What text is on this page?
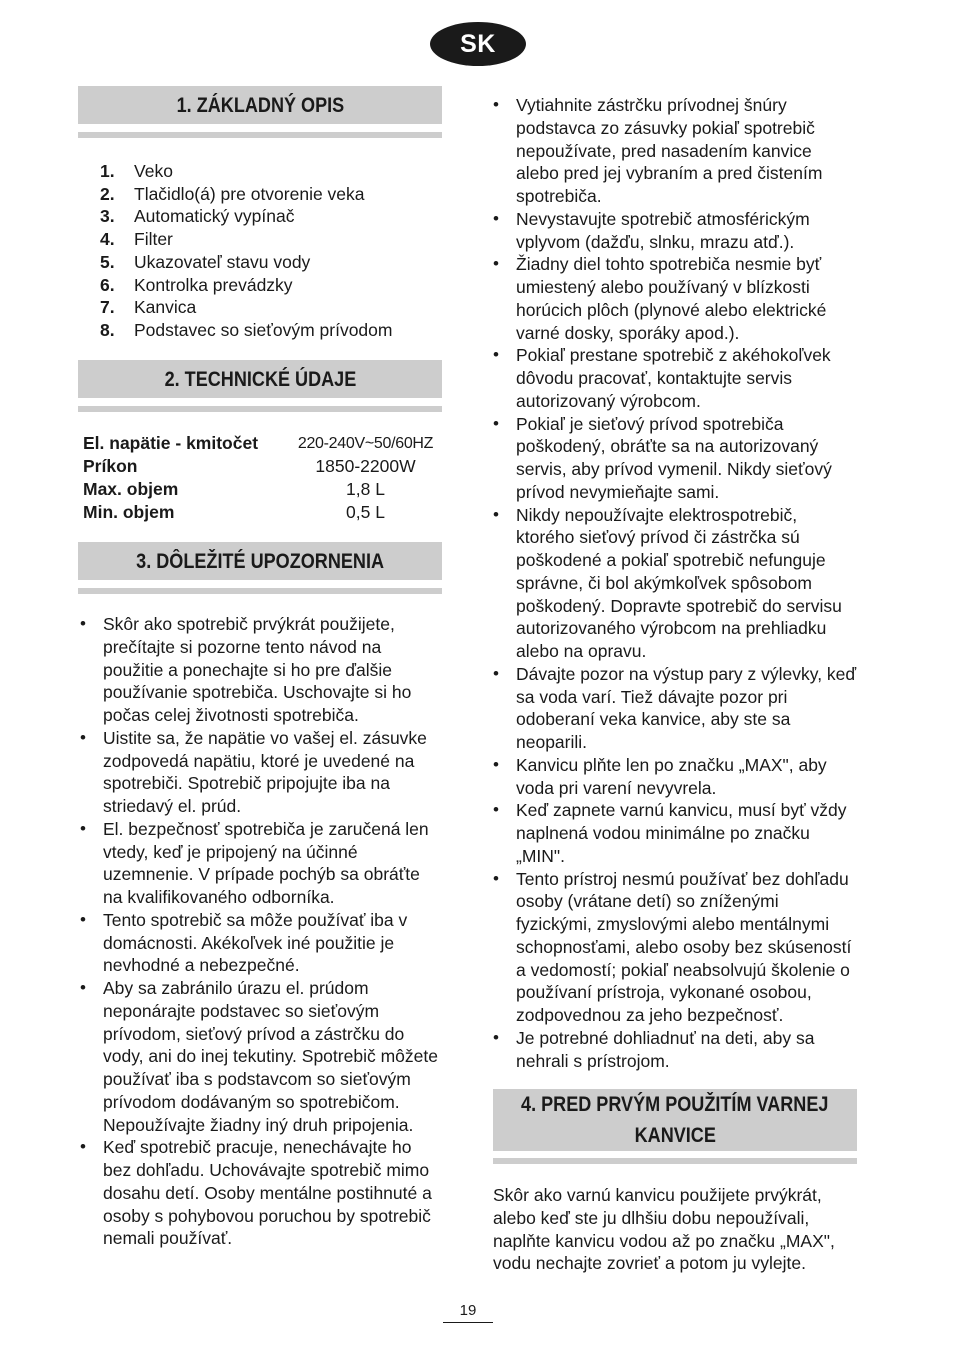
SK
1. ZÁKLADNÝ OPIS
1.	Veko
2.	Tlačidlo(á) pre otvorenie veka
3.	Automatický vypínač
4.	Filter
5.	Ukazovateľ stavu vody
6.	Kontrolka prevádzky
7.	Kanvica
8.	Podstavec so sieťovým prívodom
2. TECHNICKÉ ÚDAJE
El. napätie - kmitočet	220-240V~50/60HZ
Príkon	1850-2200W
Max. objem	1,8 L
Min. objem	0,5 L
3. DÔLEŽITÉ UPOZORNENIA
• Skôr ako spotrebič prvýkrát použijete, prečítajte si pozorne tento návod na použitie a ponechajte si ho pre ďalšie používanie spotrebiča. Uschovajte si ho počas celej životnosti spotrebiča.
• Uistite sa, že napätie vo vašej el. zásuvke zodpovedá napätiu, ktoré je uvedené na spotrebiči. Spotrebič pripojujte iba na striedavý el. prúd.
• El. bezpečnosť spotrebiča je zaručená len vtedy, keď je pripojený na účinné uzemnenie. V prípade pochýb sa obráťte na kvalifikovaného odborníka.
• Tento spotrebič sa môže používať iba v domácnosti. Akékoľvek iné použitie je nevhodné a nebezpečné.
• Aby sa zabránilo úrazu el. prúdom neponárajte podstavec so sieťovým prívodom, sieťový prívod a zástrčku do vody, ani do inej tekutiny. Spotrebič môžete používať iba s podstavcom so sieťovým prívodom dodávaným so spotrebičom. Nepoužívajte žiadny iný druh pripojenia.
• Keď spotrebič pracuje, nenechávajte ho bez dohľadu. Uchovávajte spotrebič mimo dosahu detí. Osoby mentálne postihnuté a osoby s pohybovou poruchou by spotrebič nemali používať.
• Vytiahnite zástrčku prívodnej šnúry podstavca zo zásuvky pokiaľ spotrebič nepoužívate, pred nasadením kanvice alebo pred jej vybraním a pred čistením spotrebiča.
• Nevystavujte spotrebič atmosférickým vplyvom (dažďu, slnku, mrazu atď.).
• Žiadny diel tohto spotrebiča nesmie byť umiestený alebo používaný v blízkosti horúcich plôch (plynové alebo elektrické varné dosky, sporáky apod.).
• Pokiaľ prestane spotrebič z akéhokoľvek dôvodu pracovať, kontaktujte servis autorizovaný výrobcom.
• Pokiaľ je sieťový prívod spotrebiča poškodený, obráťte sa na autorizovaný servis, aby prívod vymenil. Nikdy sieťový prívod nevymieňajte sami.
• Nikdy nepoužívajte elektrospotrebič, ktorého sieťový prívod či zástrčka sú poškodené a pokiaľ spotrebič nefunguje správne, či bol akýmkoľvek spôsobom poškodený. Dopravte spotrebič do servisu autorizovaného výrobcom na prehliadku alebo na opravu.
• Dávajte pozor na výstup pary z výlevky, keď sa voda varí. Tiež dávajte pozor pri odoberaní veka kanvice, aby ste sa neoparili.
• Kanvicu plňte len po značku „MAX", aby voda pri varení nevyvrela.
• Keď zapnete varnú kanvicu, musí byť vždy naplnená vodou minimálne po značku „MIN".
• Tento prístroj nesmú používať bez dohľadu osoby (vrátane detí) so zníženými fyzickými, zmyslovými alebo mentálnymi schopnosťami, alebo osoby bez skúseností a vedomostí; pokiaľ neabsolvujú školenie o používaní prístroja, vykonané osobou, zodpovednou za jeho bezpečnosť.
• Je potrebné dohliadnuť na deti, aby sa nehrali s prístrojom.
4. PRED PRVÝM POUŽITÍM VARNEJ
KANVICE

Skôr ako varnú kanvicu použijete prvýkrát, alebo keď ste ju dlhšiu dobu nepoužívali, naplňte kanvicu vodou až po značku „MAX", vodu nechajte zovrieť a potom ju vylejte.

19
